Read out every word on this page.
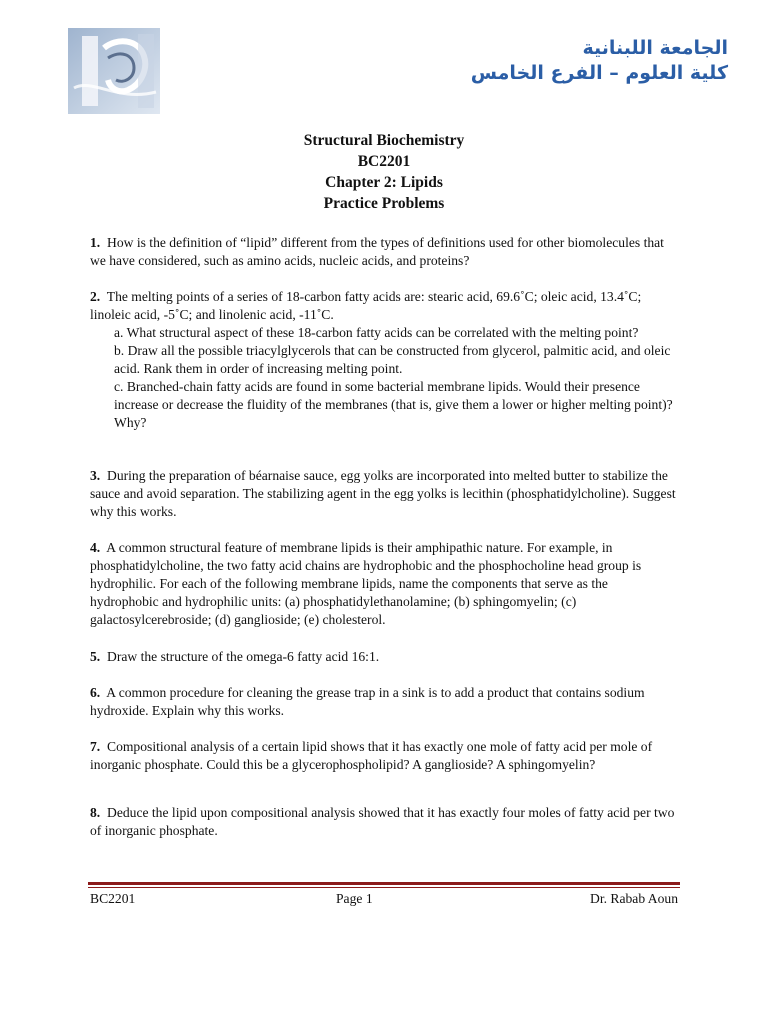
الجامعة اللبنانية
كلية العلوم – الفرع الخامس
Structural Biochemistry
BC2201
Chapter 2: Lipids
Practice Problems
1. How is the definition of “lipid” different from the types of definitions used for other biomolecules that we have considered, such as amino acids, nucleic acids, and proteins?
2. The melting points of a series of 18-carbon fatty acids are: stearic acid, 69.6˚C; oleic acid, 13.4˚C; linoleic acid, -5˚C; and linolenic acid, -11˚C.
a. What structural aspect of these 18-carbon fatty acids can be correlated with the melting point?
b. Draw all the possible triacylglycerols that can be constructed from glycerol, palmitic acid, and oleic acid. Rank them in order of increasing melting point.
c. Branched-chain fatty acids are found in some bacterial membrane lipids. Would their presence increase or decrease the fluidity of the membranes (that is, give them a lower or higher melting point)? Why?
3. During the preparation of béarnaise sauce, egg yolks are incorporated into melted butter to stabilize the sauce and avoid separation. The stabilizing agent in the egg yolks is lecithin (phosphatidylcholine). Suggest why this works.
4. A common structural feature of membrane lipids is their amphipathic nature. For example, in phosphatidylcholine, the two fatty acid chains are hydrophobic and the phosphocholine head group is hydrophilic. For each of the following membrane lipids, name the components that serve as the hydrophobic and hydrophilic units: (a) phosphatidylethanolamine; (b) sphingomyelin; (c) galactosylcerebroside; (d) ganglioside; (e) cholesterol.
5. Draw the structure of the omega-6 fatty acid 16:1.
6. A common procedure for cleaning the grease trap in a sink is to add a product that contains sodium hydroxide. Explain why this works.
7. Compositional analysis of a certain lipid shows that it has exactly one mole of fatty acid per mole of inorganic phosphate. Could this be a glycerophospholipid? A ganglioside? A sphingomyelin?
8. Deduce the lipid upon compositional analysis showed that it has exactly four moles of fatty acid per two of inorganic phosphate.
BC2201	Page 1	Dr. Rabab Aoun
